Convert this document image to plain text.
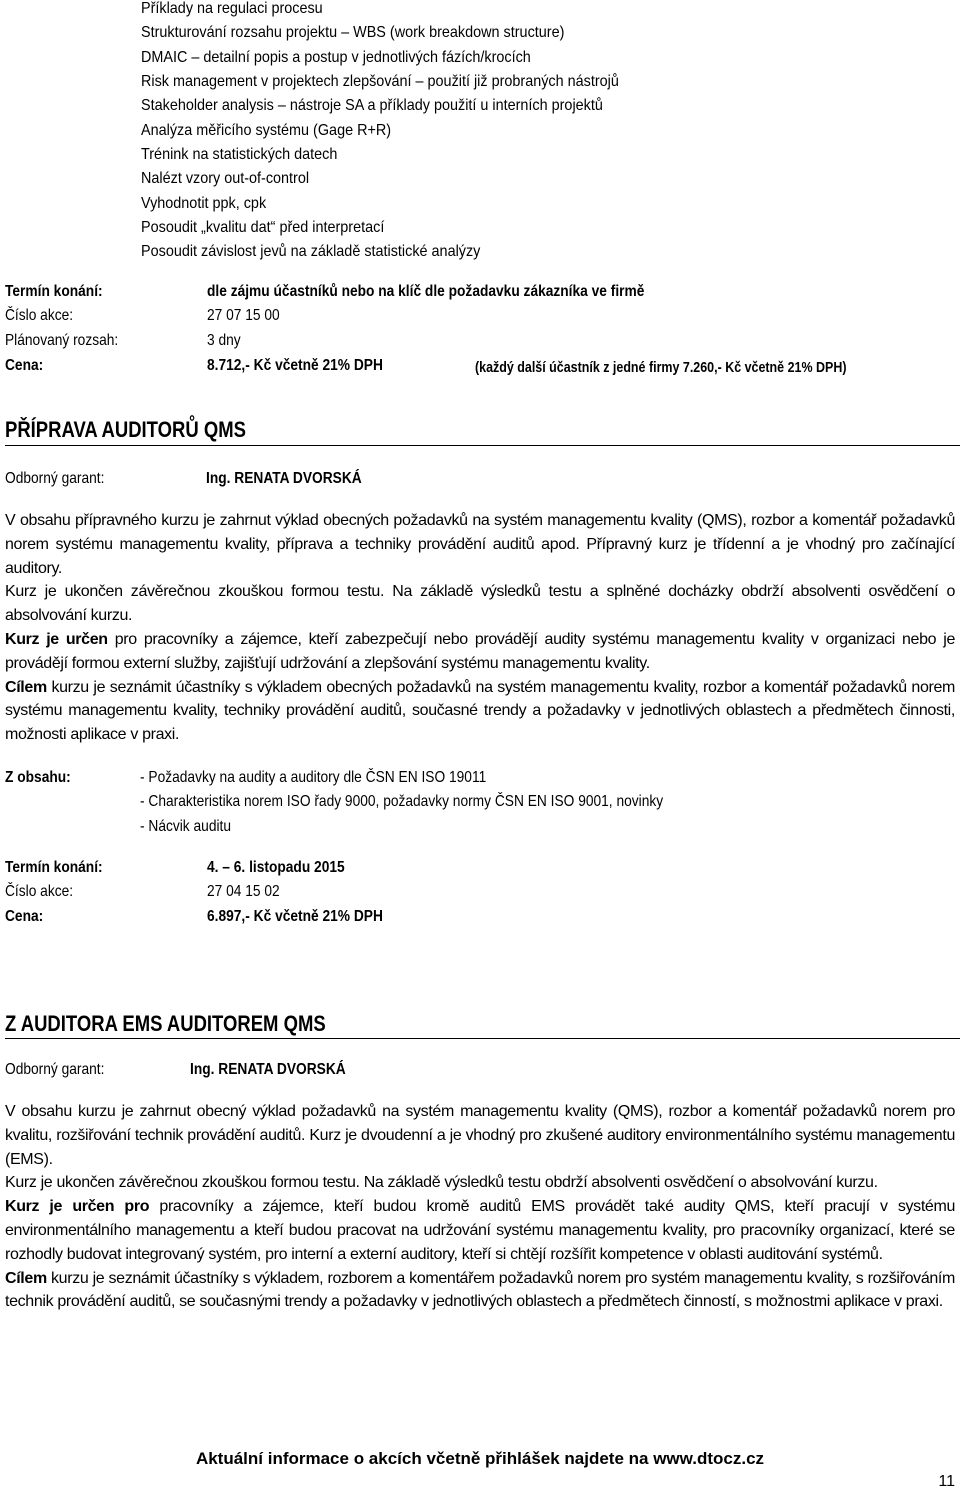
Příklady na regulaci procesu
Strukturování rozsahu projektu – WBS (work breakdown structure)
DMAIC – detailní popis a postup v jednotlivých fázích/krocích
Risk management v projektech zlepšování – použití již probraných nástrojů
Stakeholder analysis – nástroje SA a příklady použití u interních projektů
Analýza měřicího systému (Gage R+R)
Trénink na statistických datech
Nalézt vzory out-of-control
Vyhodnotit ppk, cpk
Posoudit „kvalitu dat“ před interpretací
Posoudit závislost jevů na základě statistické analýzy
Termín konání:	dle zájmu účastníků nebo na klíč dle požadavku zákazníka ve firmě
Číslo akce:	27 07 15 00
Plánovaný rozsah:	3 dny
Cena:	8.712,- Kč včetně 21% DPH	(každý další účastník z jedné firmy 7.260,- Kč včetně 21% DPH)
PŘÍPRAVA AUDITORŮ QMS
Odborný garant:	Ing. RENATA DVORSKÁ

V obsahu přípravného kurzu je zahrnut výklad obecných požadavků na systém managementu kvality (QMS), rozbor a komentář požadavků norem systému managementu kvality, příprava a techniky provádění auditů apod. Přípravný kurz je třídenní a je vhodný pro začínající auditory.

Kurz je ukončen závěrečnou zkouškou formou testu. Na základě výsledků testu a splněné docházky obdrží absolventi osvědčení o absolvování kurzu.

Kurz je určen pro pracovníky a zájemce, kteří zabezpečují nebo provádějí audity systému managementu kvality v organizaci nebo je provádějí formou externí služby, zajišťují udržování a zlepšování systému managementu kvality.

Cílem kurzu je seznámit účastníky s výkladem obecných požadavků na systém managementu kvality, rozbor a komentář požadavků norem systému managementu kvality, techniky provádění auditů, současné trendy a požadavky v jednotlivých oblastech a předmětech činnosti, možnosti aplikace v praxi.

Z obsahu:	- Požadavky na audity a auditory dle ČSN EN ISO 19011
- Charakteristika norem ISO řady 9000, požadavky normy ČSN EN ISO 9001, novinky
- Nácvik auditu
Termín konání:	4. – 6. listopadu 2015
Číslo akce:	27 04 15 02
Cena:	6.897,- Kč včetně 21% DPH
Z AUDITORA EMS AUDITOREM QMS
Odborný garant:	Ing. RENATA DVORSKÁ

V obsahu kurzu je zahrnut obecný výklad požadavků na systém managementu kvality (QMS), rozbor a komentář požadavků norem pro kvalitu, rozšiřování technik provádění auditů. Kurz je dvoudenní a je vhodný pro zkušené auditory environmentálního systému managementu (EMS).

Kurz je ukončen závěrečnou zkouškou formou testu. Na základě výsledků testu obdrží absolventi osvědčení o absolvování kurzu.

Kurz je určen pro pracovníky a zájemce, kteří budou kromě auditů EMS provádět také audity QMS, kteří pracují v systému environmentálního managementu a kteří budou pracovat na udržování systému managementu kvality, pro pracovníky organizací, které se rozhodly budovat integrovaný systém, pro interní a externí auditory, kteří si chtějí rozšířit kompetence v oblasti auditování systémů.

Cílem kurzu je seznámit účastníky s výkladem, rozborem a komentářem požadavků norem pro systém managementu kvality, s rozšiřováním technik provádění auditů, se současnými trendy a požadavky v jednotlivých oblastech a předmětech činností, s možnostmi aplikace v praxi.

Aktuální informace o akcích včetně přihlášek najdete na www.dtocz.cz
11
